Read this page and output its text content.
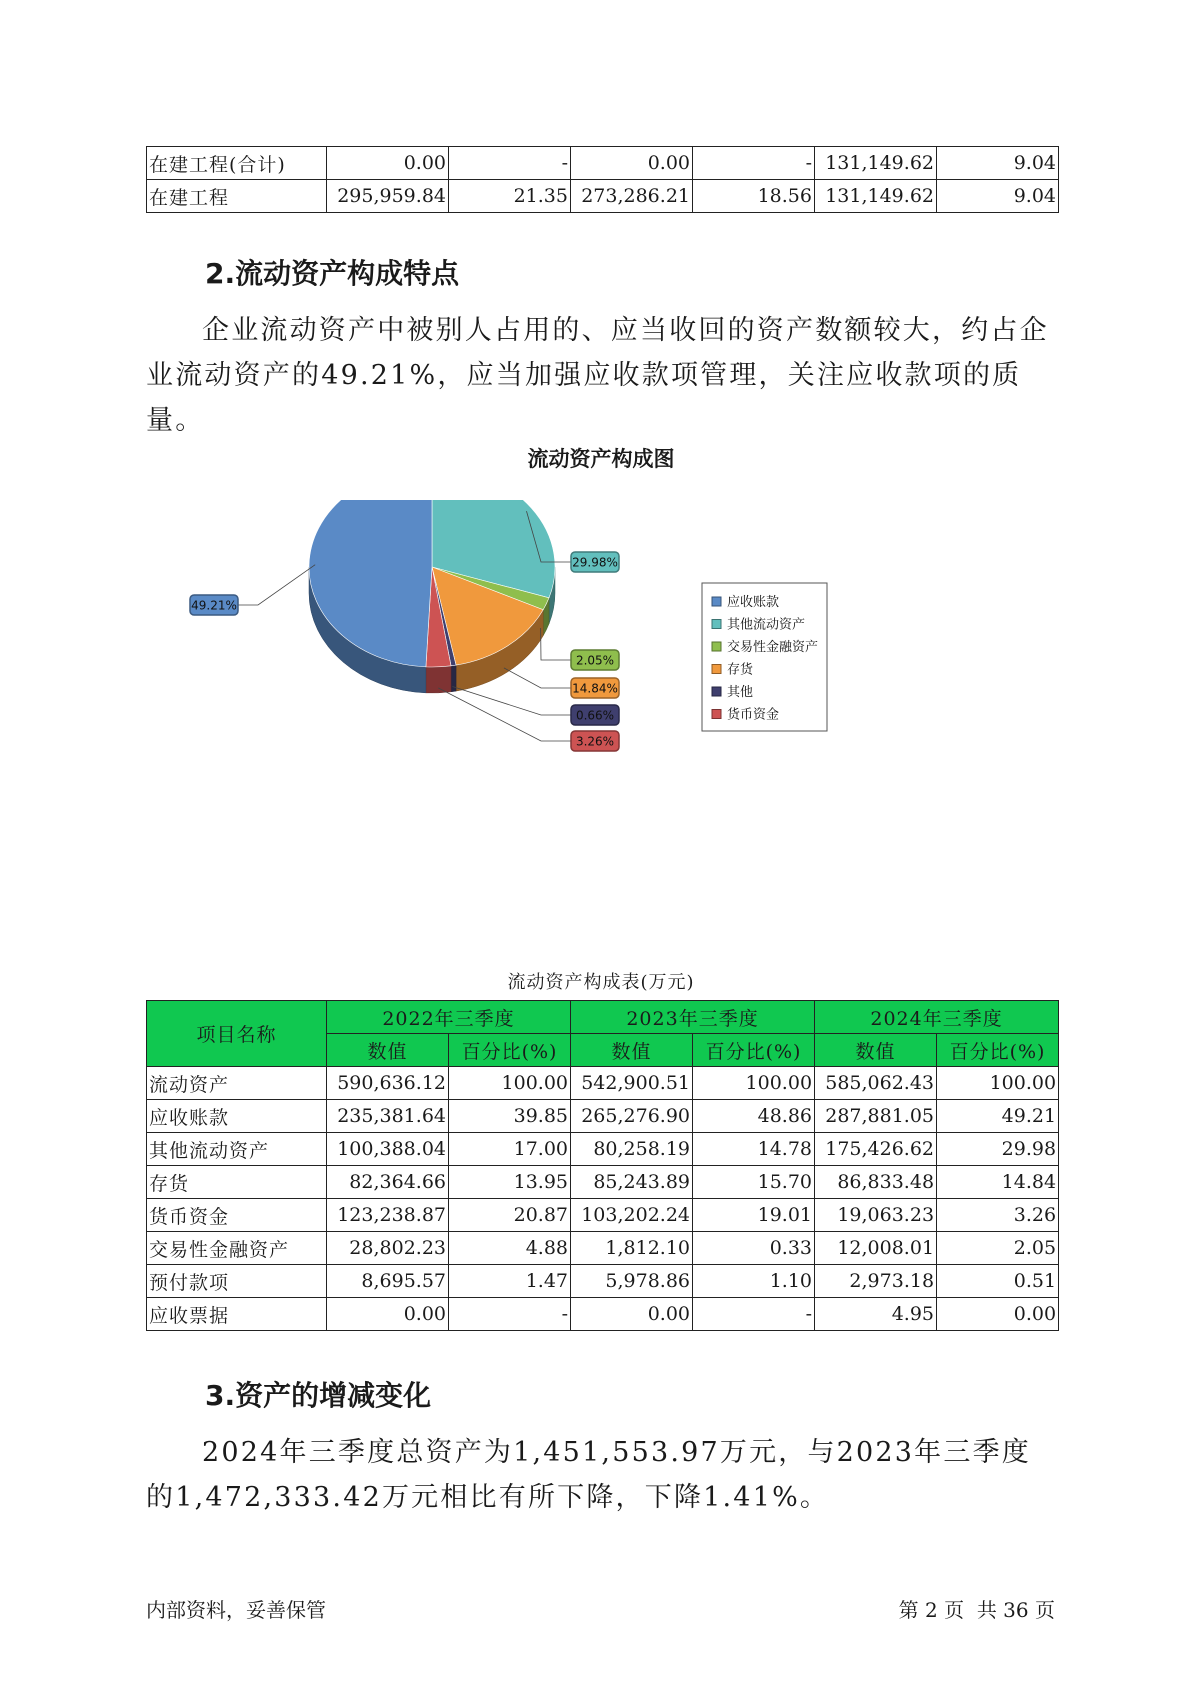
在建工程(合计)	0.00	-	0.00	-	131,149.62	9.04
在建工程	295,959.84	21.35	273,286.21	18.56	131,149.62	9.04
2.流动资产构成特点
企业流动资产中被别人占用的、应当收回的资产数额较大，约占企业流动资产的49.21%，应当加强应收款项管理，关注应收款项的质量。
流动资产构成图
29.98%
2.05%
14.84%
0.66%
3.26%
49.21%	应收账款
其他流动资产
交易性金融资产
存货
其他
货币资金
流动资产构成表(万元)
项目名称	2022年三季度		2023年三季度		2024年三季度	
	数值	百分比(%)	数值	百分比(%)	数值	百分比(%)
流动资产	590,636.12	100.00	542,900.51	100.00	585,062.43	100.00
应收账款	235,381.64	39.85	265,276.90	48.86	287,881.05	49.21
其他流动资产	100,388.04	17.00	80,258.19	14.78	175,426.62	29.98
存货	82,364.66	13.95	85,243.89	15.70	86,833.48	14.84
货币资金	123,238.87	20.87	103,202.24	19.01	19,063.23	3.26
交易性金融资产	28,802.23	4.88	1,812.10	0.33	12,008.01	2.05
预付款项	8,695.57	1.47	5,978.86	1.10	2,973.18	0.51
应收票据	0.00	-	0.00	-	4.95	0.00
3.资产的增减变化
2024年三季度总资产为1,451,553.97万元，与2023年三季度的1,472,333.42万元相比有所下降，下降1.41%。
内部资料，妥善保管	第 2 页  共 36 页
